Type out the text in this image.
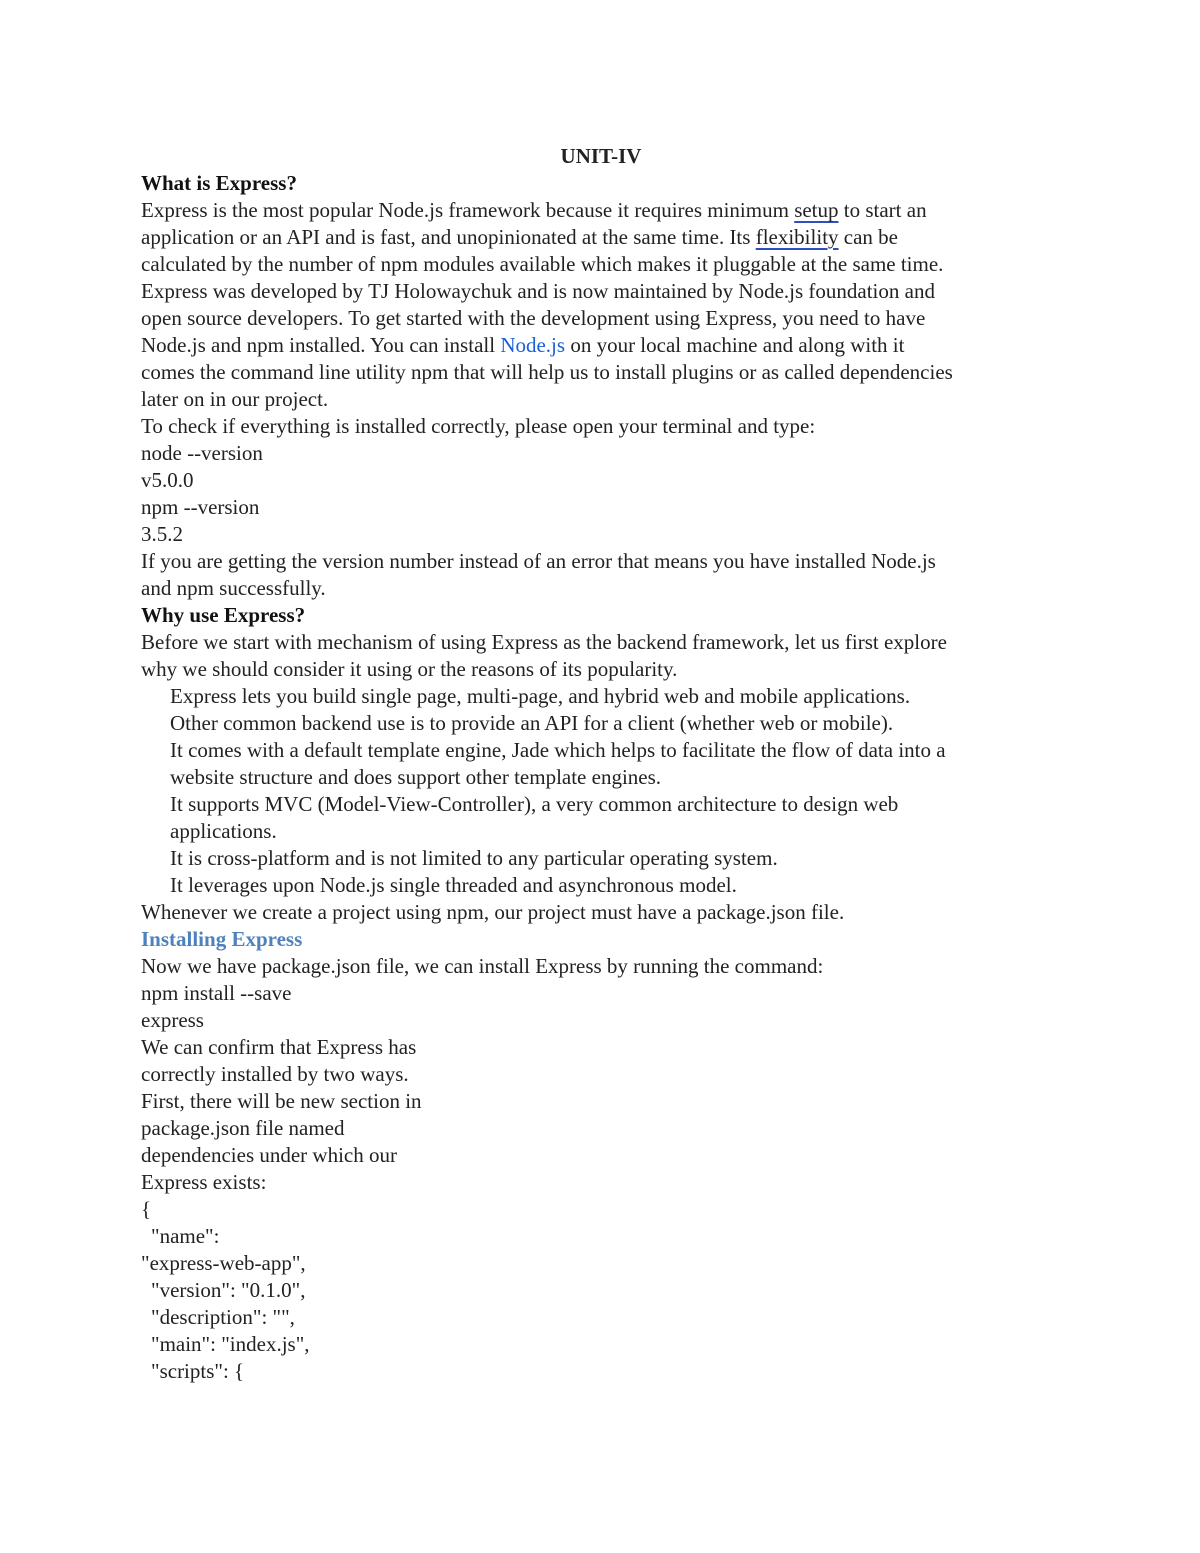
UNIT-IV
What is Express?
Express is the most popular Node.js framework because it requires minimum setup to start an
application or an API and is fast, and unopinionated at the same time. Its flexibility can be
calculated by the number of npm modules available which makes it pluggable at the same time.
Express was developed by TJ Holowaychuk and is now maintained by Node.js foundation and
open source developers. To get started with the development using Express, you need to have
Node.js and npm installed. You can install Node.js on your local machine and along with it
comes the command line utility npm that will help us to install plugins or as called dependencies
later on in our project.
To check if everything is installed correctly, please open your terminal and type:
node --version
v5.0.0
npm --version
3.5.2
If you are getting the version number instead of an error that means you have installed Node.js
and npm successfully.
Why use Express?
Before we start with mechanism of using Express as the backend framework, let us first explore
why we should consider it using or the reasons of its popularity.
Express lets you build single page, multi-page, and hybrid web and mobile applications.
Other common backend use is to provide an API for a client (whether web or mobile).
It comes with a default template engine, Jade which helps to facilitate the flow of data into a
website structure and does support other template engines.
It supports MVC (Model-View-Controller), a very common architecture to design web
applications.
It is cross-platform and is not limited to any particular operating system.
It leverages upon Node.js single threaded and asynchronous model.
Whenever we create a project using npm, our project must have a package.json file.
Installing Express
Now we have package.json file, we can install Express by running the command:
npm install --save
express
We can confirm that Express has
correctly installed by two ways.
First, there will be new section in
package.json file named
dependencies under which our
Express exists:
{
"name":
"express-web-app",
"version": "0.1.0",
"description": "",
"main": "index.js",
"scripts": {
